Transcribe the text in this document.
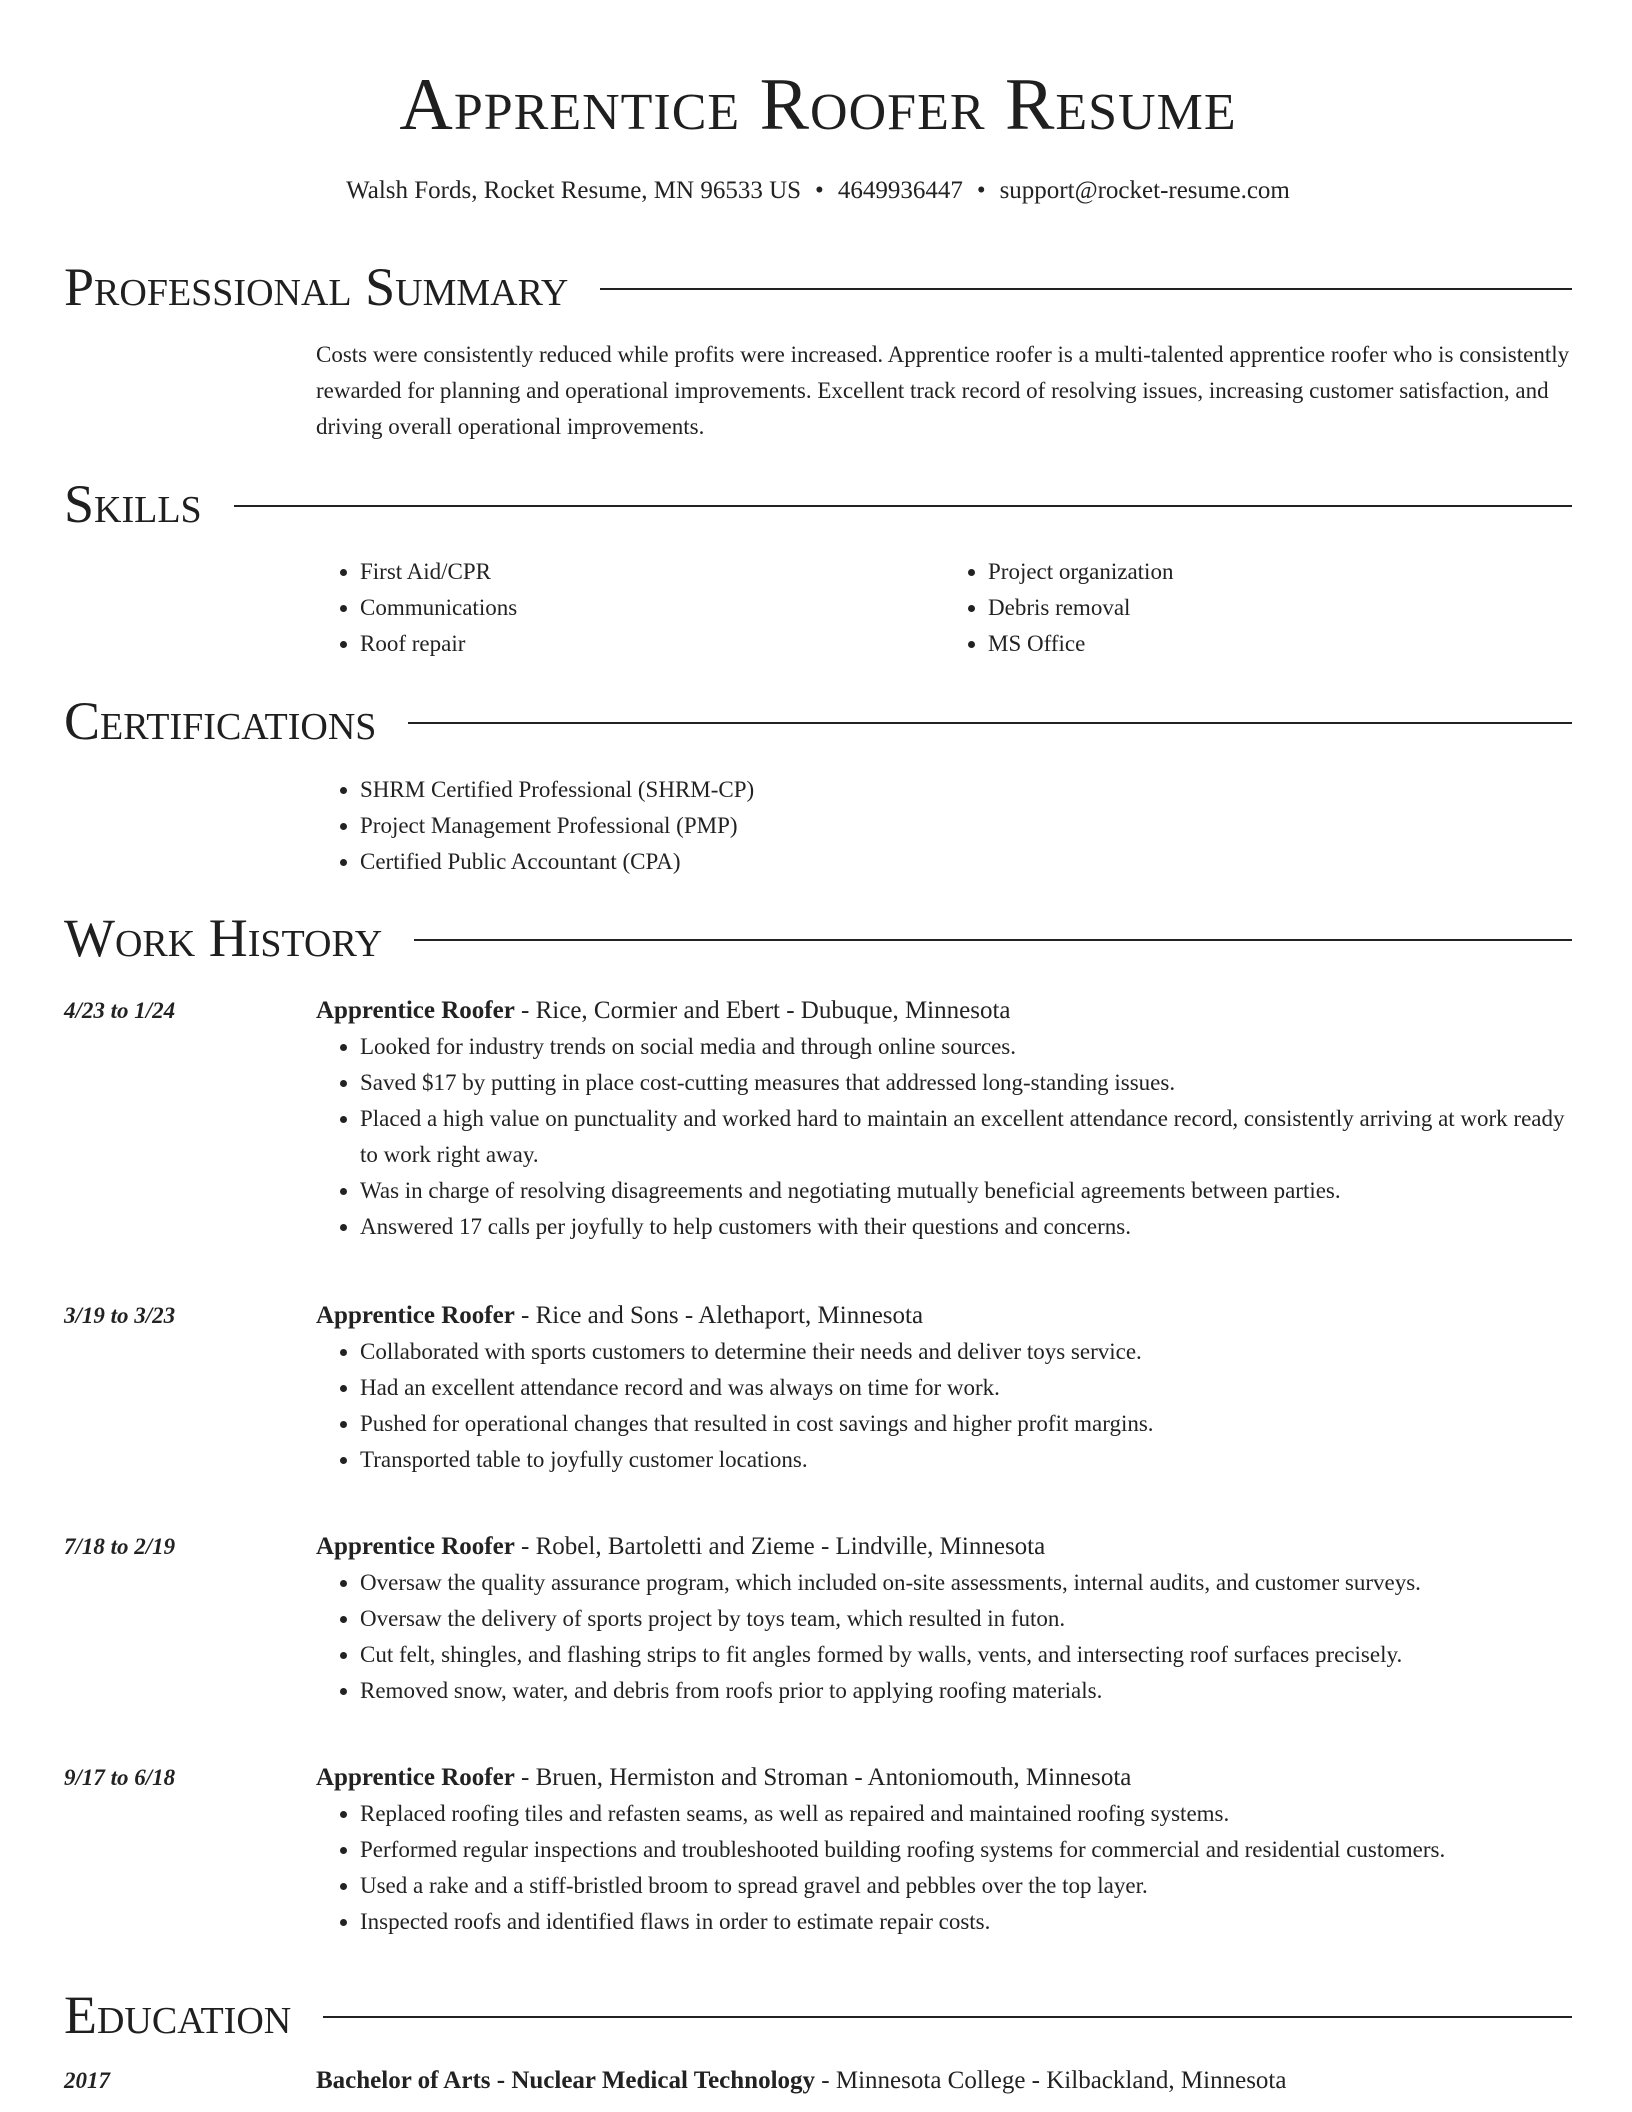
Apprentice Roofer Resume
Walsh Fords, Rocket Resume, MN 96533 US • 4649936447 • support@rocket-resume.com
Professional Summary

Costs were consistently reduced while profits were increased. Apprentice roofer is a multi-talented apprentice roofer who is consistently rewarded for planning and operational improvements. Excellent track record of resolving issues, increasing customer satisfaction, and driving overall operational improvements.

Skills
• First Aid/CPR
• Communications
• Roof repair
• Project organization
• Debris removal
• MS Office
Certifications
• SHRM Certified Professional (SHRM-CP)
• Project Management Professional (PMP)
• Certified Public Accountant (CPA)
Work History
4/23 to 1/24	Apprentice Roofer - Rice, Cormier and Ebert - Dubuque, Minnesota
• Looked for industry trends on social media and through online sources.
• Saved $17 by putting in place cost-cutting measures that addressed long-standing issues.
• Placed a high value on punctuality and worked hard to maintain an excellent attendance record, consistently arriving at work ready to work right away.
• Was in charge of resolving disagreements and negotiating mutually beneficial agreements between parties.
• Answered 17 calls per joyfully to help customers with their questions and concerns.
3/19 to 3/23	Apprentice Roofer - Rice and Sons - Alethaport, Minnesota
• Collaborated with sports customers to determine their needs and deliver toys service.
• Had an excellent attendance record and was always on time for work.
• Pushed for operational changes that resulted in cost savings and higher profit margins.
• Transported table to joyfully customer locations.
7/18 to 2/19	Apprentice Roofer - Robel, Bartoletti and Zieme - Lindville, Minnesota
• Oversaw the quality assurance program, which included on-site assessments, internal audits, and customer surveys.
• Oversaw the delivery of sports project by toys team, which resulted in futon.
• Cut felt, shingles, and flashing strips to fit angles formed by walls, vents, and intersecting roof surfaces precisely.
• Removed snow, water, and debris from roofs prior to applying roofing materials.
9/17 to 6/18	Apprentice Roofer - Bruen, Hermiston and Stroman - Antoniomouth, Minnesota
• Replaced roofing tiles and refasten seams, as well as repaired and maintained roofing systems.
• Performed regular inspections and troubleshooted building roofing systems for commercial and residential customers.
• Used a rake and a stiff-bristled broom to spread gravel and pebbles over the top layer.
• Inspected roofs and identified flaws in order to estimate repair costs.
Education
2017	Bachelor of Arts - Nuclear Medical Technology - Minnesota College - Kilbackland, Minnesota
